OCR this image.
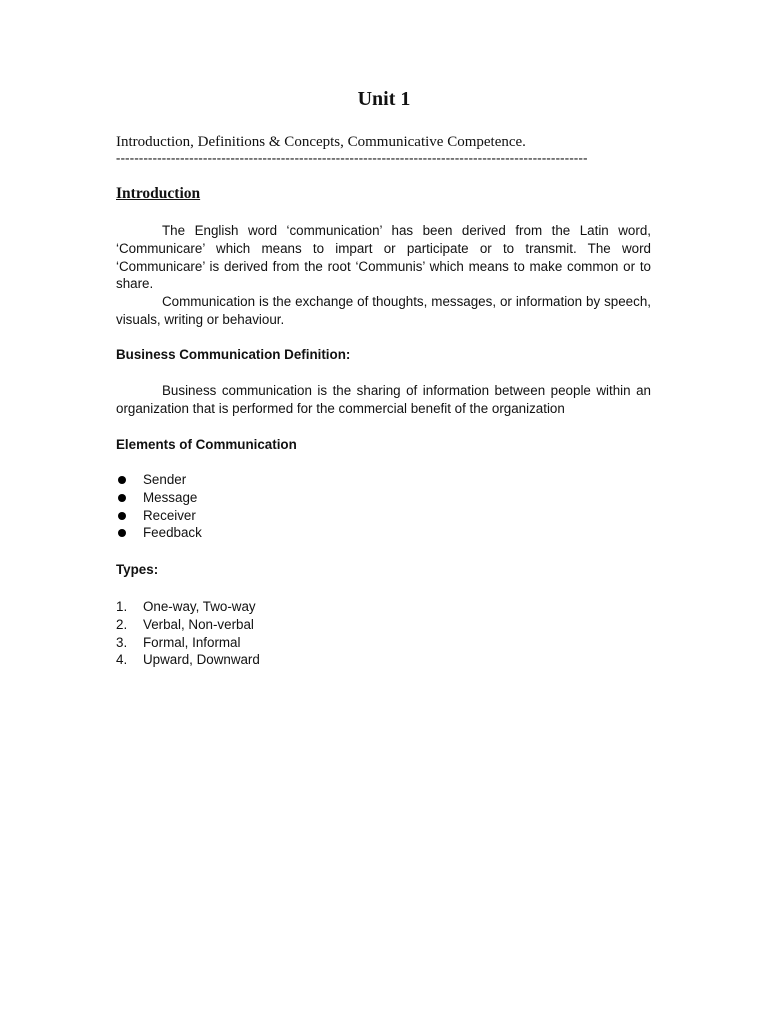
Unit 1
Introduction, Definitions & Concepts, Communicative Competence.
-------------------------------------------------------------------------------------------------------
Introduction

The English word ‘communication’ has been derived from the Latin word, ‘Communicare’ which means to impart or participate or to transmit. The word ‘Communicare’ is derived from the root ‘Communis’ which means to make common or to share.

Communication is the exchange of thoughts, messages, or information by speech, visuals, writing or behaviour.

Business Communication Definition:

Business communication is the sharing of information between people within an organization that is performed for the commercial benefit of the organization

Elements of Communication
Sender
Message
Receiver
Feedback
Types:
1. One-way, Two-way
2. Verbal, Non-verbal
3. Formal, Informal
4. Upward, Downward
